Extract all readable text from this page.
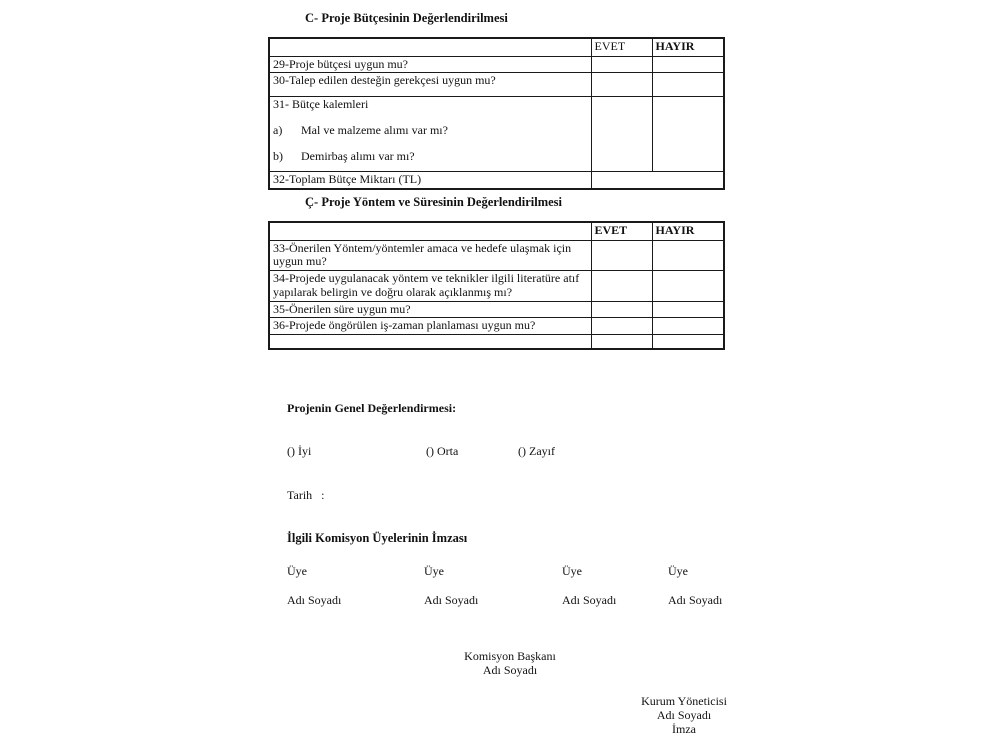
C- Proje Bütçesinin Değerlendirilmesi
	EVET	HAYIR
29-Proje bütçesi uygun mu?		
30-Talep edilen desteğin gerekçesi uygun mu?		

31- Bütçe kalemleri

a) Mal ve malzeme alımı var mı?

b) Demirbaş alımı var mı?		

32-Toplam Bütçe Miktarı (TL)		
Ç- Proje Yöntem ve Süresinin Değerlendirilmesi
	EVET	HAYIR
33-Önerilen Yöntem/yöntemler amaca ve hedefe ulaşmak için uygun mu?		
34-Projede uygulanacak yöntem ve teknikler ilgili literatüre atıf yapılarak belirgin ve doğru olarak açıklanmış mı?		
35-Önerilen süre uygun mu?		
36-Projede öngörülen iş-zaman planlaması uygun mu?		

Projenin Genel Değerlendirmesi:
() İyi	() Orta	() Zayıf
Tarih   :
İlgili Komisyon Üyelerinin İmzası
Üye	Üye	Üye	Üye
Adı Soyadı	Adı Soyadı	Adı Soyadı	Adı Soyadı
Komisyon Başkanı
Adı Soyadı
Kurum Yöneticisi
Adı Soyadı
İmza
